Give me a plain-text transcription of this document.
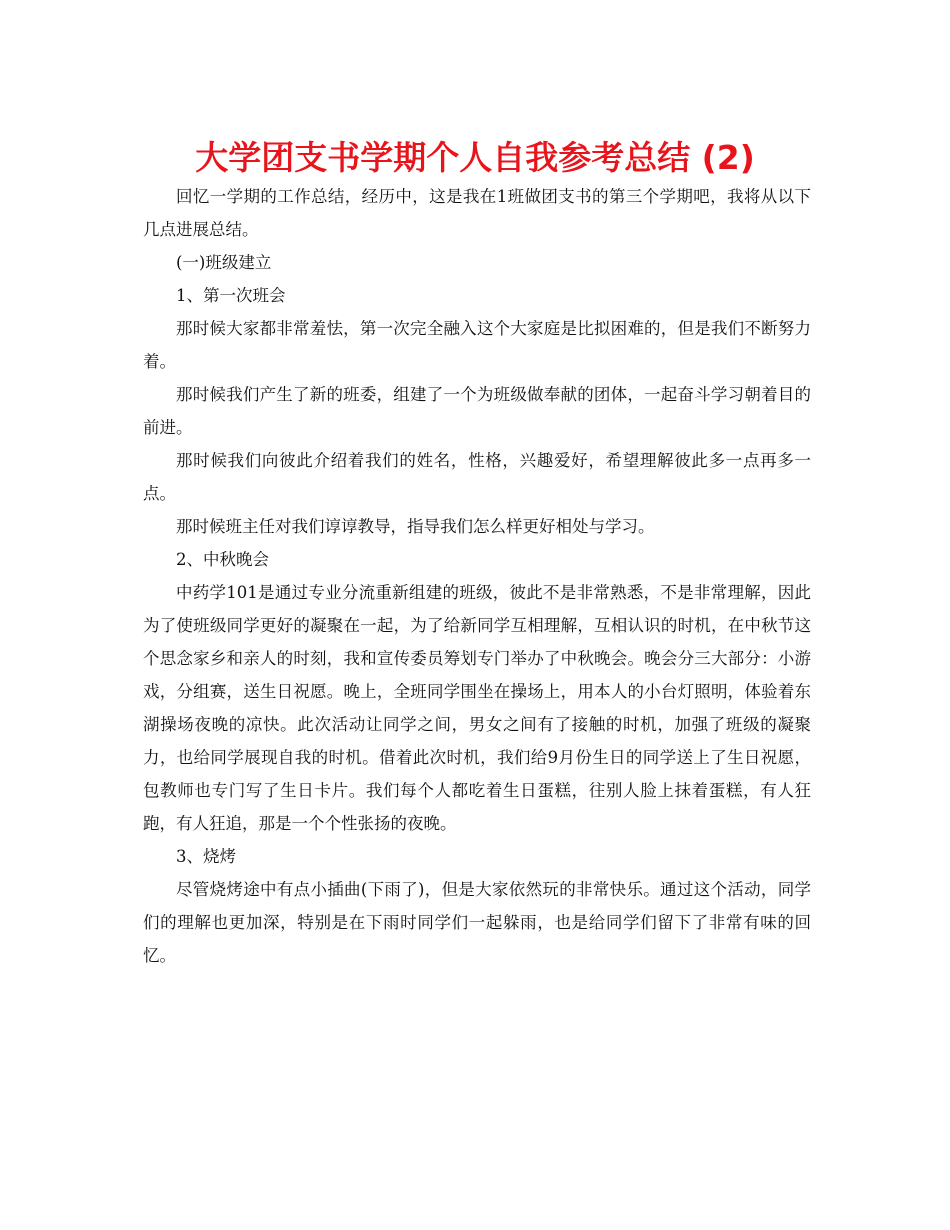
大学团支书学期个人自我参考总结 (2)

回忆一学期的工作总结，经历中，这是我在1班做团支书的第三个学期吧，我将从以下几点进展总结。

(一)班级建立

1、第一次班会

那时候大家都非常羞怯，第一次完全融入这个大家庭是比拟困难的，但是我们不断努力着。

那时候我们产生了新的班委，组建了一个为班级做奉献的团体，一起奋斗学习朝着目的前进。

那时候我们向彼此介绍着我们的姓名，性格，兴趣爱好，希望理解彼此多一点再多一点。

那时候班主任对我们谆谆教导，指导我们怎么样更好相处与学习。

2、中秋晚会

中药学101是通过专业分流重新组建的班级，彼此不是非常熟悉，不是非常理解，因此为了使班级同学更好的凝聚在一起，为了给新同学互相理解，互相认识的时机，在中秋节这个思念家乡和亲人的时刻，我和宣传委员筹划专门举办了中秋晚会。晚会分三大部分：小游戏，分组赛，送生日祝愿。晚上，全班同学围坐在操场上，用本人的小台灯照明，体验着东湖操场夜晚的凉快。此次活动让同学之间，男女之间有了接触的时机，加强了班级的凝聚力，也给同学展现自我的时机。借着此次时机，我们给9月份生日的同学送上了生日祝愿，包教师也专门写了生日卡片。我们每个人都吃着生日蛋糕，往别人脸上抹着蛋糕，有人狂跑，有人狂追，那是一个个性张扬的夜晚。

3、烧烤

尽管烧烤途中有点小插曲(下雨了)，但是大家依然玩的非常快乐。通过这个活动，同学们的理解也更加深，特别是在下雨时同学们一起躲雨，也是给同学们留下了非常有味的回忆。
